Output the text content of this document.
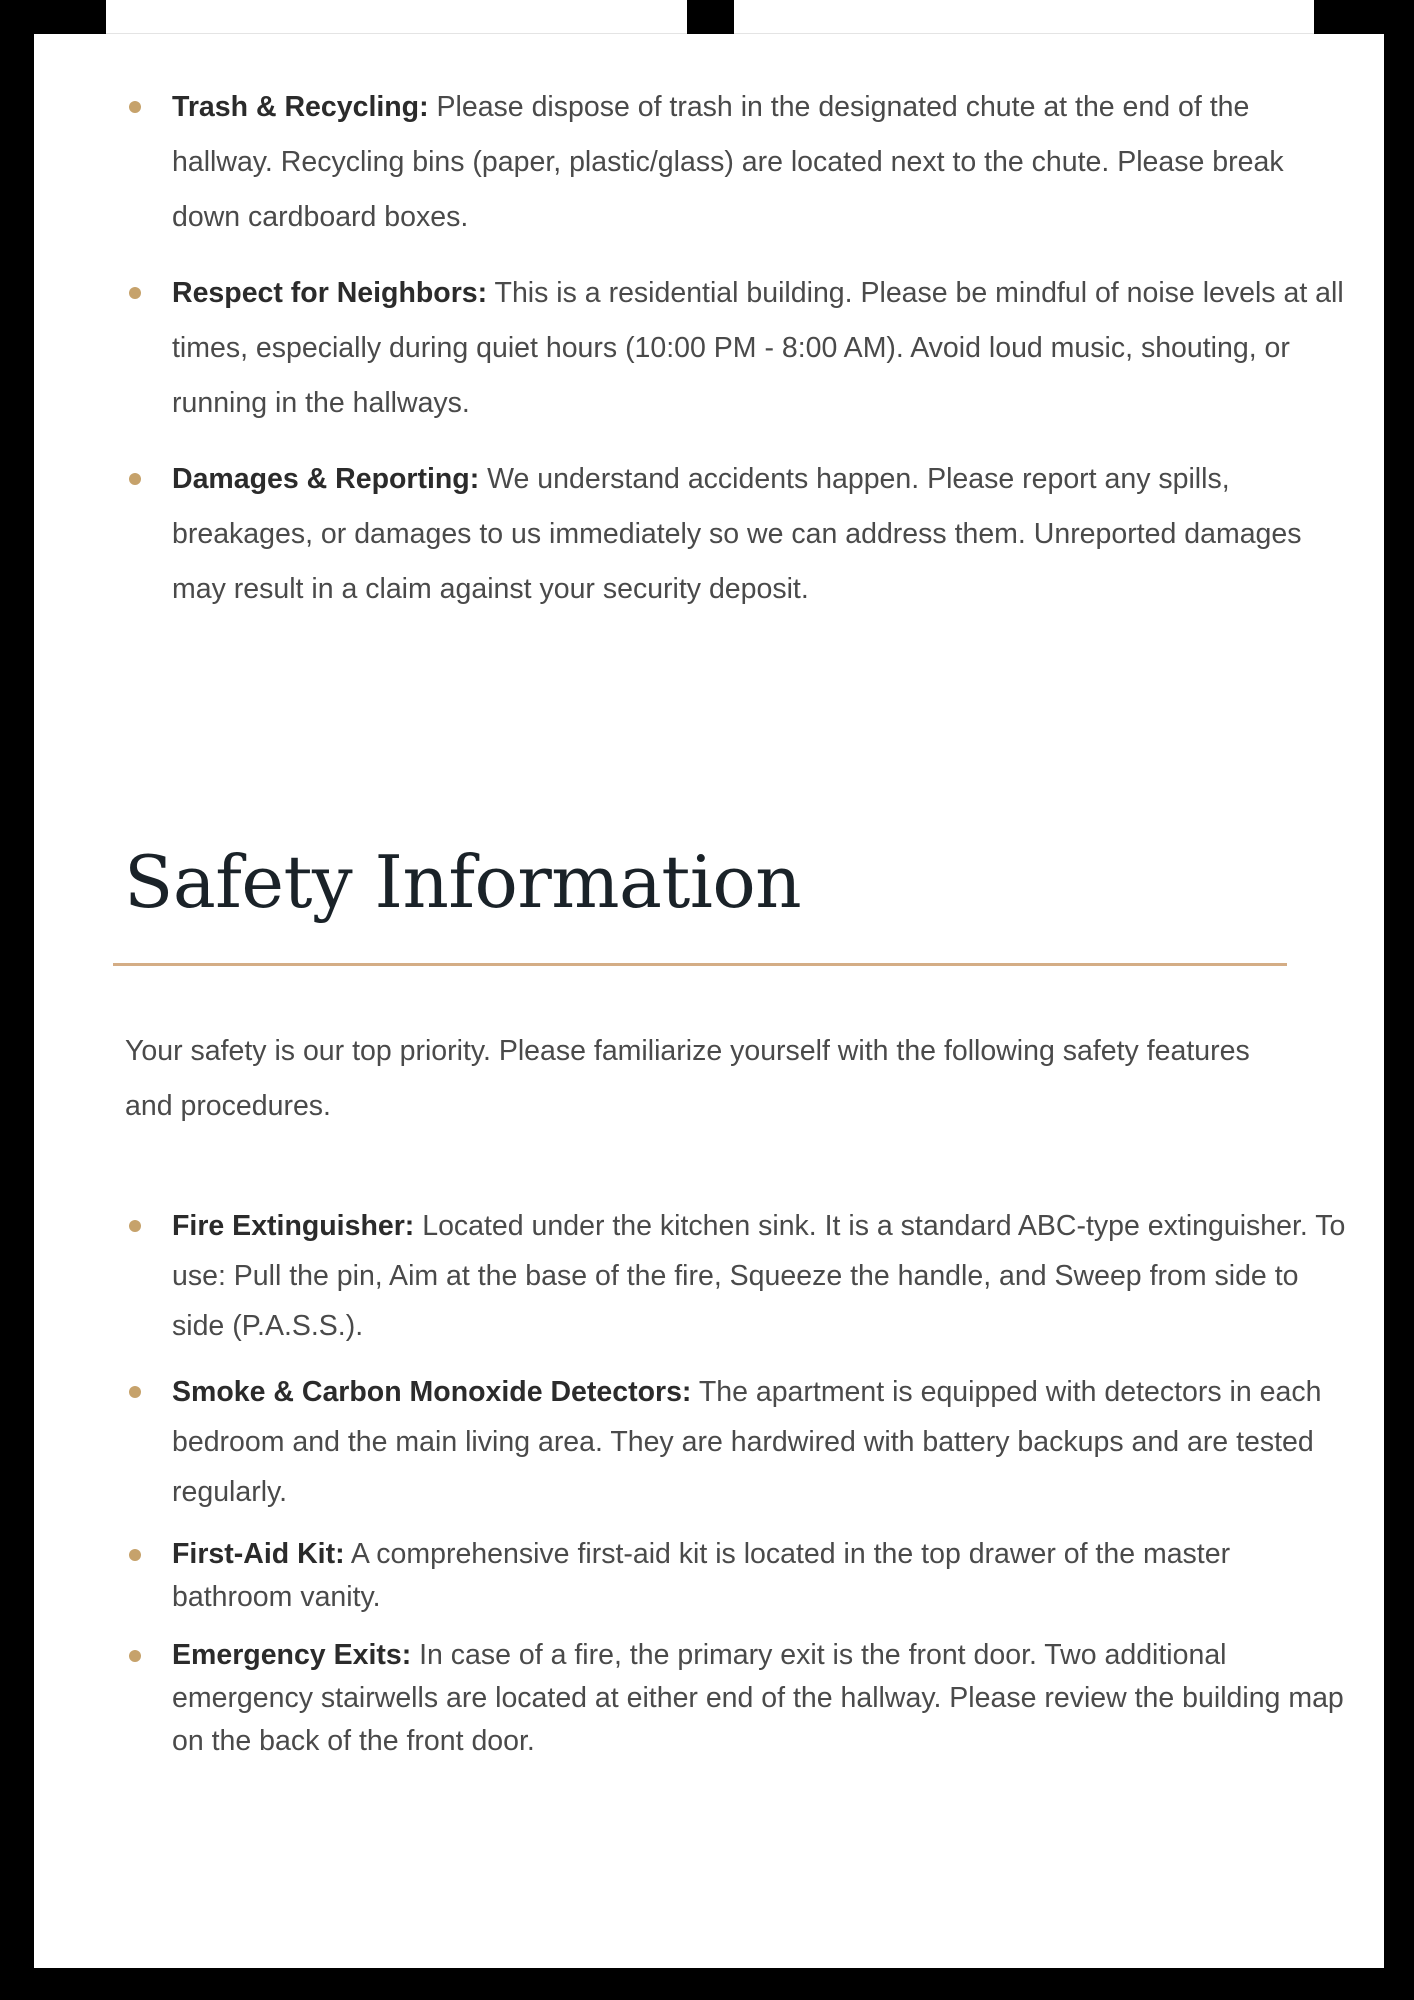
Trash & Recycling: Please dispose of trash in the designated chute at the end of the hallway. Recycling bins (paper, plastic/glass) are located next to the chute. Please break down cardboard boxes.
Respect for Neighbors: This is a residential building. Please be mindful of noise levels at all times, especially during quiet hours (10:00 PM - 8:00 AM). Avoid loud music, shouting, or running in the hallways.
Damages & Reporting: We understand accidents happen. Please report any spills, breakages, or damages to us immediately so we can address them. Unreported damages may result in a claim against your security deposit.
Safety Information

Your safety is our top priority. Please familiarize yourself with the following safety features and procedures.

Fire Extinguisher: Located under the kitchen sink. It is a standard ABC-type extinguisher. To use: Pull the pin, Aim at the base of the fire, Squeeze the handle, and Sweep from side to side (P.A.S.S.).
Smoke & Carbon Monoxide Detectors: The apartment is equipped with detectors in each bedroom and the main living area. They are hardwired with battery backups and are tested regularly.
First-Aid Kit: A comprehensive first-aid kit is located in the top drawer of the master bathroom vanity.
Emergency Exits: In case of a fire, the primary exit is the front door. Two additional emergency stairwells are located at either end of the hallway. Please review the building map on the back of the front door.
